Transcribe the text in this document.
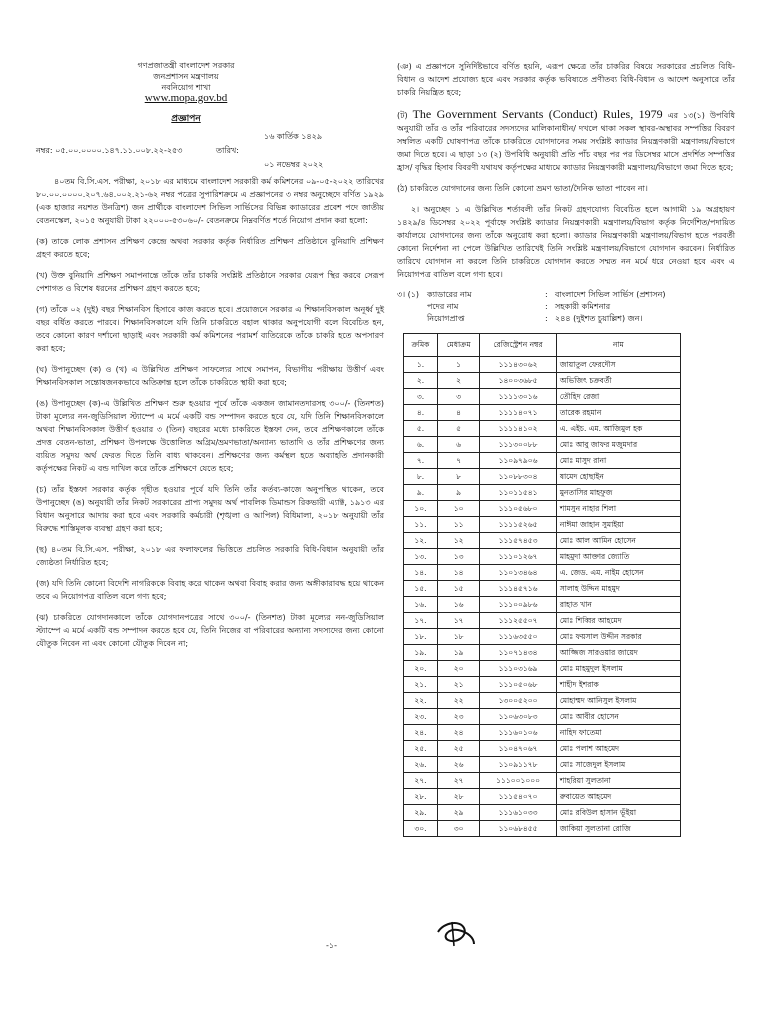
গণপ্রজাতন্ত্রী বাংলাদেশ সরকার
জনপ্রশাসন মন্ত্রণালয়
নবনিয়োগ শাখা
www.mopa.gov.bd
প্রজ্ঞাপন
১৬ কার্তিক ১৪২৯
নম্বর: ০৫.০০.০০০০.১৪৭.১১.০০৮.২২-২৫৩	তারিখ:
০১ নভেম্বর ২০২২

৪০তম বি.সি.এস. পরীক্ষা, ২০১৮ এর মাধ্যমে বাংলাদেশ সরকারী কর্ম কমিশনের ০৯-০৫-২০২২ তারিখের ৮০.০০.০০০০.২০৭.৬৪.০০২.২১-৬২ নম্বর পত্রের সুপারিশক্রমে এ প্রজ্ঞাপনের ৩ নম্বর অনুচ্ছেদে বর্ণিত ১৯২৯ (এক হাজার নয়শত উনত্রিশ) জন প্রার্থীকে বাংলাদেশ সিভিল সার্ভিসের বিভিন্ন ক্যাডারের প্রবেশ পদে জাতীয় বেতনস্কেল, ২০১৫ অনুযায়ী টাকা ২২০০০-৫৩০৬০/- বেতনক্রমে নিম্নবর্ণিত শর্তে নিয়োগ প্রদান করা হলো:

(ক) তাকে লোক প্রশাসন প্রশিক্ষণ কেন্দ্রে অথবা সরকার কর্তৃক নির্ধারিত প্রশিক্ষণ প্রতিষ্ঠানে বুনিয়াদি প্রশিক্ষণ গ্রহণ করতে হবে;

(খ) উক্ত বুনিয়াদি প্রশিক্ষণ সমাপনান্তে তাঁকে তাঁর চাকরি সংশ্লিষ্ট প্রতিষ্ঠানে সরকার যেরূপ স্থির করবে সেরূপ পেশাগত ও বিশেষ ধরনের প্রশিক্ষণ গ্রহণ করতে হবে;

(গ) তাঁকে ০২ (দুই) বছর শিক্ষানবিস হিসাবে কাজ করতে হবে। প্রয়োজনে সরকার এ শিক্ষানবিসকাল অনূর্ধ্ব দুই বছর বর্ধিত করতে পারবে। শিক্ষানবিসকালে যদি তিনি চাকরিতে বহাল থাকার অনুপযোগী বলে বিবেচিত হন, তবে কোনো কারণ দর্শানো ছাড়াই এবং সরকারী কর্ম কমিশনের পরামর্শ ব্যতিরেকে তাঁকে চাকরি হতে অপসারণ করা হবে;

(ঘ) উপানুচ্ছেদ (ক) ও (খ) এ উল্লিখিত প্রশিক্ষণ সাফল্যের সাথে সমাপন, বিভাগীয় পরীক্ষায় উত্তীর্ণ এবং শিক্ষানবিসকাল সন্তোষজনকভাবে অতিক্রান্ত হলে তাঁকে চাকরিতে স্থায়ী করা হবে;

(ঙ) উপানুচ্ছেদ (ক)-এ উল্লিখিত প্রশিক্ষণ শুরু হওয়ার পূর্বে তাঁকে একজন জামানতদারসহ ৩০০/- (তিনশত) টাকা মূল্যের নন-জুডিসিয়াল স্ট্যাম্পে এ মর্মে একটি বন্ড সম্পাদন করতে হবে যে, যদি তিনি শিক্ষানবিসকালে অথবা শিক্ষানবিসকাল উত্তীর্ণ হওয়ার ৩ (তিন) বছরের মধ্যে চাকরিতে ইস্তফা দেন, তবে প্রশিক্ষণকালে তাঁকে প্রদত্ত বেতন-ভাতা, প্রশিক্ষণ উপলক্ষে উত্তোলিত অগ্রিম/ভ্রমণভাতা/অন্যান্য ভাতাদি ও তাঁর প্রশিক্ষণের জন্য ব্যয়িত সমুদয় অর্থ ফেরত দিতে তিনি বাধ্য থাকবেন। প্রশিক্ষণের জন্য কর্মস্থল হতে অব্যাহতি প্রদানকারী কর্তৃপক্ষের নিকট এ বন্ড দাখিল করে তাঁকে প্রশিক্ষণে যেতে হবে;

(চ) তাঁর ইস্তফা সরকার কর্তৃক গৃহীত হওয়ার পূর্বে যদি তিনি তাঁর কর্তব্য-কাজে অনুপস্থিত থাকেন, তবে উপানুচ্ছেদ (ঙ) অনুযায়ী তাঁর নিকট সরকারের প্রাপ্য সমুদয় অর্থ পাবলিক ডিমান্ডস রিকভারী এ্যাক্ট, ১৯১৩ এর বিধান অনুসারে আদায় করা হবে এবং সরকারি কর্মচারী (শৃঙ্খলা ও আপিল) বিধিমালা, ২০১৮ অনুযায়ী তাঁর বিরুদ্ধে শাস্তিমূলক ব্যবস্থা গ্রহণ করা হবে;

(ছ) ৪০তম বি.সি.এস. পরীক্ষা, ২০১৮ এর ফলাফলের ভিত্তিতে প্রচলিত সরকারি বিধি-বিধান অনুযায়ী তাঁর জ্যেষ্ঠতা নির্ধারিত হবে;

(জ) যদি তিনি কোনো বিদেশি নাগরিককে বিবাহ করে থাকেন অথবা বিবাহ করার জন্য অঙ্গীকারাবদ্ধ হয়ে থাকেন তবে এ নিয়োগপত্র বাতিল বলে গণ্য হবে;

(ঝ) চাকরিতে যোগদানকালে তাঁকে যোগদানপত্রের সাথে ৩০০/- (তিনশত) টাকা মূল্যের নন-জুডিসিয়াল স্ট্যাম্পে এ মর্মে একটি বন্ড সম্পাদন করতে হবে যে, তিনি নিজের বা পরিবারের অন্যান্য সদস্যদের জন্য কোনো যৌতুক নিবেন না এবং কোনো যৌতুক দিবেন না;

(ঞ) এ প্রজ্ঞাপনে সুনির্দিষ্টভাবে বর্ণিত হয়নি, এরূপ ক্ষেত্রে তাঁর চাকরির বিষয়ে সরকারের প্রচলিত বিধি-বিধান ও আদেশ প্রযোজ্য হবে এবং সরকার কর্তৃক ভবিষ্যতে প্রণীতব্য বিধি-বিধান ও আদেশ অনুসারে তাঁর চাকরি নিয়ন্ত্রিত হবে;

(ট) The Government Servants (Conduct) Rules, 1979 এর ১৩(১) উপবিধি অনুযায়ী তাঁর ও তাঁর পরিবারের সদস্যদের মালিকানাধীন/ দখলে থাকা সকল স্থাবর-অস্থাবর সম্পত্তির বিবরণ সম্বলিত একটি ঘোষণাপত্র তাঁকে চাকরিতে যোগদানের সময় সংশ্লিষ্ট ক্যাডার নিয়ন্ত্রণকারী মন্ত্রণালয়/বিভাগে জমা দিতে হবে। এ ছাড়া ১৩ (২) উপবিধি অনুযায়ী প্রতি পাঁচ বছর পর পর ডিসেম্বর মাসে প্রদর্শিত সম্পত্তির হ্রাস/ বৃদ্ধির হিসাব বিবরণী যথাযথ কর্তৃপক্ষের মাধ্যমে ক্যাডার নিয়ন্ত্রণকারী মন্ত্রণালয়/বিভাগে জমা দিতে হবে;

(ঠ) চাকরিতে যোগদানের জন্য তিনি কোনো ভ্রমণ ভাতা/দৈনিক ভাতা পাবেন না।

২। অনুচ্ছেদ ১ এ উল্লিখিত শর্তাবলী তাঁর নিকট গ্রহণযোগ্য বিবেচিত হলে আগামী ১৯ অগ্রহায়ণ ১৪২৯/৪ ডিসেম্বর ২০২২ পূর্বাহ্নে সংশ্লিষ্ট ক্যাডার নিয়ন্ত্রণকারী মন্ত্রণালয়/বিভাগ কর্তৃক নির্দেশিত/পদায়িত কার্যালয়ে যোগদানের জন্য তাঁকে অনুরোধ করা হলো। ক্যাডার নিয়ন্ত্রণকারী মন্ত্রণালয়/বিভাগ হতে পরবর্তী কোনো নির্দেশনা না পেলে উল্লিখিত তারিখেই তিনি সংশ্লিষ্ট মন্ত্রণালয়/বিভাগে যোগদান করবেন। নির্ধারিত তারিখে যোগদান না করলে তিনি চাকরিতে যোগদান করতে সম্মত নন মর্মে ধরে নেওয়া হবে এবং এ নিয়োগপত্র বাতিল বলে গণ্য হবে।

৩। (১) ক্যাডারের নাম	: বাংলাদেশ সিভিল সার্ভিস (প্রশাসন)
পদের নাম	: সহকারী কমিশনার
নিয়োগপ্রাপ্ত	: ২৪৪ (দুইশত চুয়াল্লিশ) জন।
ক্রমিক	মেধাক্রম	রেজিস্ট্রেশন নম্বর	নাম
১.	১	১১১৪৩০৬২	জায়াতুল ফেরদৌস
২.	২	১৪০০৩৬৮৫	অভিজিৎ চক্রবর্তী
৩.	৩	১১১১৩০১৬	তৌহিদ রেজা
৪.	৪	১১১১৪০৭১	তারেক রহমান
৫.	৫	১১১১৪১০২	এ. এইচ. এম. আজিমুল হক
৬.	৬	১১১৩০০৮৮	মোঃ আবু জাফর মজুমদার
৭.	৭	১১০৯৭৯০৬	মোঃ মাসুদ রানা
৮.	৮	১১০৮৮৩০৪	ষামেদ হোছাইন
৯.	৯	১১০১১৫৪১	মুনতাসির মাহফুজ
১০.	১০	১১১০৫৬৮০	শামসুন নাহার শিলা
১১.	১১	১১১১৫২৬৫	নাঈমা জাহান সুমাইয়া
১২.	১২	১১১৫৭৪৫৩	মোঃ আল আমিন হোসেন
১৩.	১৩	১১১০১২৬৭	মাহমুদা আক্তার জ্যোতি
১৪.	১৪	১১০১৩৪৬৪	এ. জেড. এম. নাইম হোসেন
১৫.	১৫	১১১৪৫৭১৬	সালাহ উদ্দিন মাহমুদ
১৬.	১৬	১১১০০৯৮৬	রাহাত খান
১৭.	১৭	১১১২৫৫০৭	মোঃ শিব্বির আহমেদ
১৮.	১৮	১১১৬৩৫৫০	মোঃ ফয়সাল উদ্দীন সরকার
১৯.	১৯	১১০৭১৪৩৪	আজ্জিজ সারওয়ার জায়েদ
২০.	২০	১১১০৩১৬৯	মোঃ মাহমুদুল ইসলাম
২১.	২১	১১১০৫০৬৮	শাহীদ ইশরাক
২২.	২২	১৩০০৫২০০	মোহাম্মদ আনিসুল ইসলাম
২৩.	২৩	১১০৬৩০৮৩	মোঃ আবীর হোসেন
২৪.	২৪	১১১৬০১০৬	নাহিদ ফাতেমা
২৫.	২৫	১১০৪৭০৬৭	মোঃ পলাশ আহমেদ
২৬.	২৬	১১০৯১১৭৮	মোঃ সাজেদুল ইসলাম
২৭.	২৭	১১১০০১০০০	শাহরিয়া সুলতানা
২৮.	২৮	১১১৫৪০৭০	রুবায়েত আহমেদ
২৯.	২৯	১১১৬১০৩৩	মোঃ রবিউল হাসান ভূঁইয়া
৩০.	৩০	১১০৬৮৪৫৫	জাকিয়া সুলতানা রোজি
-১-
